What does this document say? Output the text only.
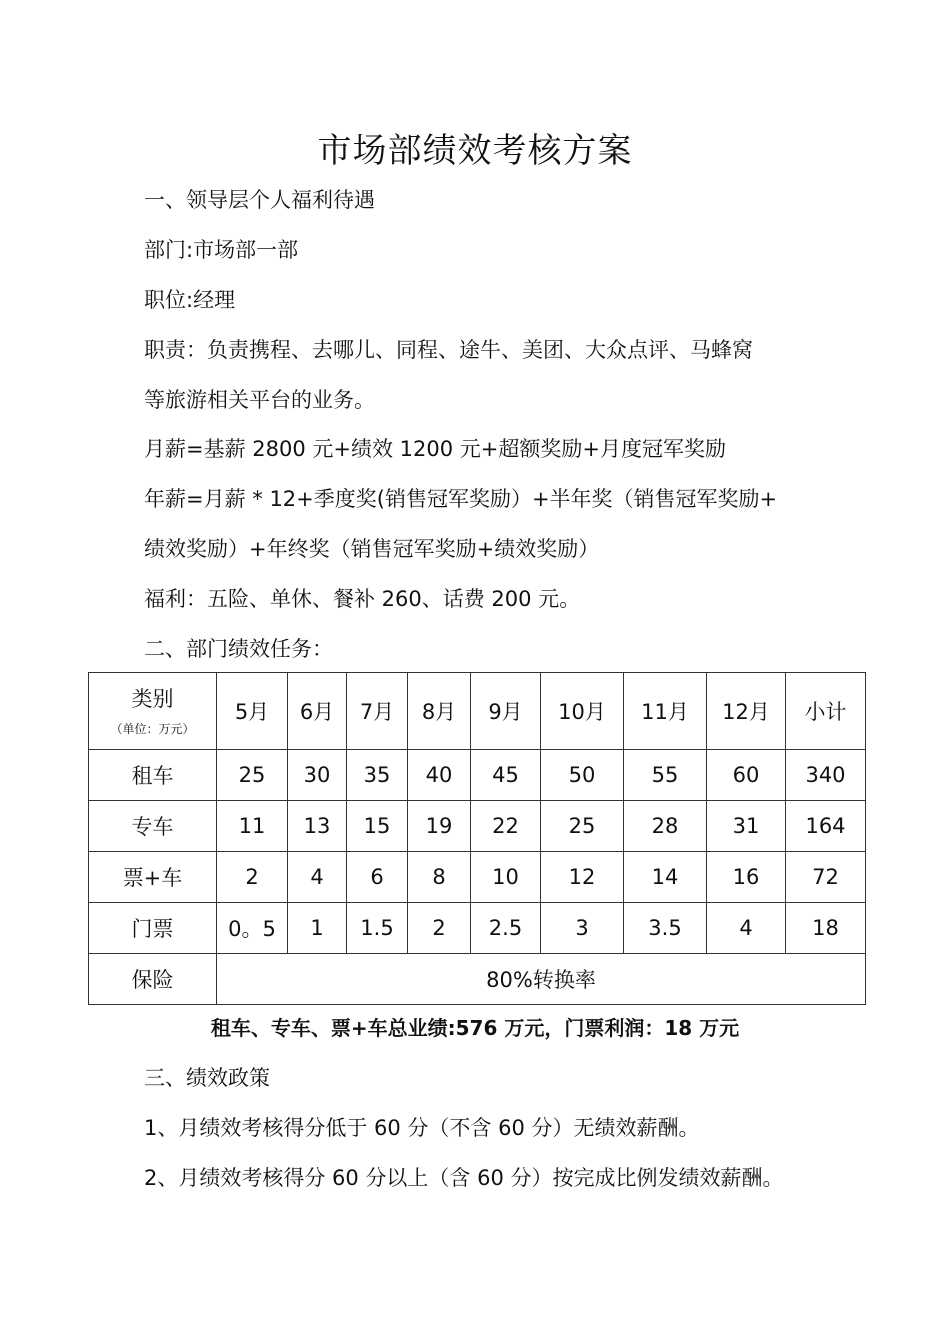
市场部绩效考核方案
一、领导层个人福利待遇
部门:市场部一部
职位:经理
职责：负责携程、去哪儿、同程、途牛、美团、大众点评、马蜂窝
等旅游相关平台的业务。
月薪=基薪 2800 元+绩效 1200 元+超额奖励+月度冠军奖励
年薪=月薪 * 12+季度奖(销售冠军奖励）+半年奖（销售冠军奖励+
绩效奖励）+年终奖（销售冠军奖励+绩效奖励）
福利：五险、单休、餐补 260、话费 200 元。
二、部门绩效任务：
类别
（单位：万元）	5月	6月	7月	8月	9月	10月	11月	12月	小计
租车	25	30	35	40	45	50	55	60	340
专车	11	13	15	19	22	25	28	31	164
票+车	2	4	6	8	10	12	14	16	72
门票	0。5	1	1.5	2	2.5	3	3.5	4	18
保险	80%转换率								
租车、专车、票+车总业绩:576 万元，门票利润：18 万元
三、绩效政策
1、月绩效考核得分低于 60 分（不含 60 分）无绩效薪酬。
2、月绩效考核得分 60 分以上（含 60 分）按完成比例发绩效薪酬。
